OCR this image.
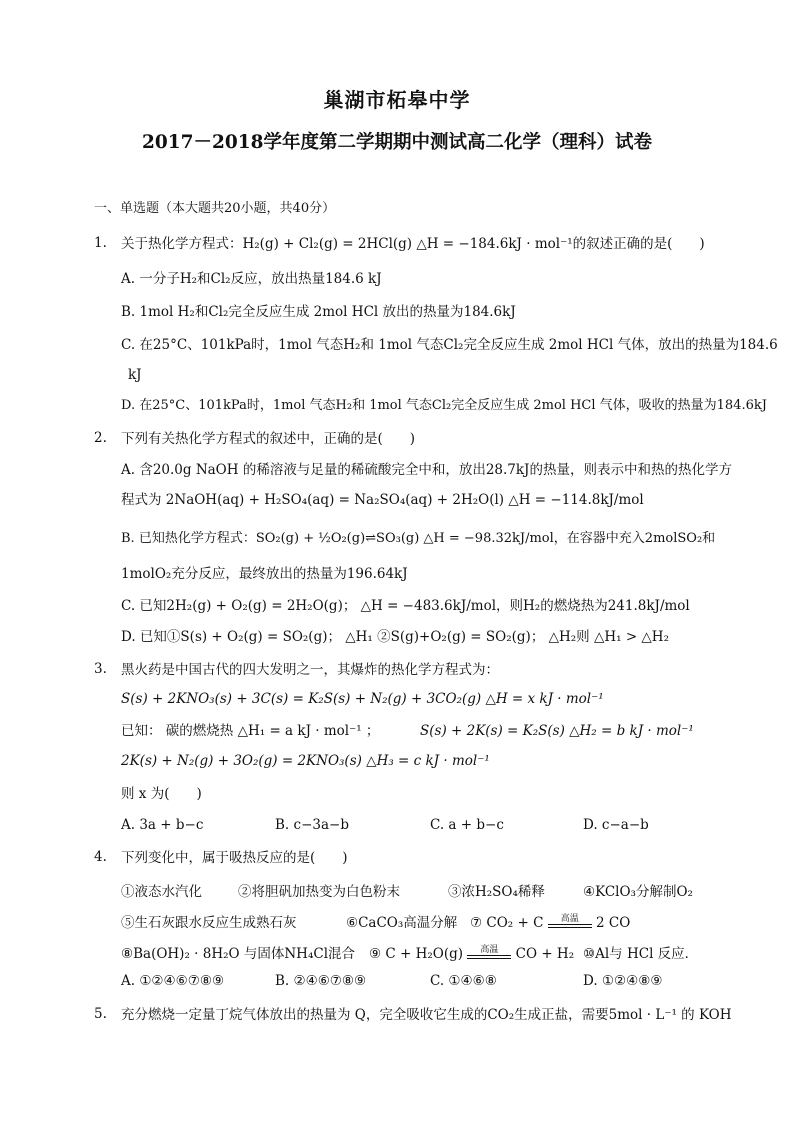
巢湖市柘皋中学
2017－2018学年度第二学期期中测试高二化学（理科）试卷
一、单选题（本大题共20小题，共40分）
1. 关于热化学方程式：H₂(g) + Cl₂(g) = 2HCl(g) △H = −184.6kJ · mol⁻¹的叙述正确的是(　　)
A. 一分子H₂和Cl₂反应，放出热量184.6 kJ
B. 1mol H₂和Cl₂完全反应生成 2mol HCl 放出的热量为184.6kJ
C. 在25°C、101kPa时，1mol 气态H₂和 1mol 气态Cl₂完全反应生成 2mol HCl 气体，放出的热量为184.6
kJ
D. 在25°C、101kPa时，1mol 气态H₂和 1mol 气态Cl₂完全反应生成 2mol HCl 气体，吸收的热量为184.6kJ
2. 下列有关热化学方程式的叙述中，正确的是(　　)
A. 含20.0g NaOH 的稀溶液与足量的稀硫酸完全中和，放出28.7kJ的热量，则表示中和热的热化学方
程式为 2NaOH(aq) + H₂SO₄(aq) = Na₂SO₄(aq) + 2H₂O(l) △H = −114.8kJ/mol
B. 已知热化学方程式：SO₂(g) + ½O₂(g)⇌SO₃(g) △H = −98.32kJ/mol，在容器中充入2molSO₂和
1molO₂充分反应，最终放出的热量为196.64kJ
C. 已知2H₂(g) + O₂(g) = 2H₂O(g)； △H = −483.6kJ/mol，则H₂的燃烧热为241.8kJ/mol
D. 已知①S(s) + O₂(g) = SO₂(g)； △H₁ ②S(g)+O₂(g) = SO₂(g)； △H₂则 △H₁ > △H₂
3. 黑火药是中国古代的四大发明之一，其爆炸的热化学方程式为：
S(s) + 2KNO₃(s) + 3C(s) = K₂S(s) + N₂(g) + 3CO₂(g) △H = x kJ · mol⁻¹
已知： 碳的燃烧热 △H₁ = a kJ · mol⁻¹ ；	S(s) + 2K(s) = K₂S(s) △H₂ = b kJ · mol⁻¹
2K(s) + N₂(g) + 3O₂(g) = 2KNO₃(s) △H₃ = c kJ · mol⁻¹
则 x 为(　　)
A. 3a + b−c	B. c−3a−b	C. a + b−c	D. c−a−b
4. 下列变化中，属于吸热反应的是(　　)
①液态水汽化	②将胆矾加热变为白色粉末	③浓H₂SO₄稀释	④KClO₃分解制O₂
⑤生石灰跟水反应生成熟石灰	⑥CaCO₃高温分解 ⑦ CO₂ + C 高温 2 CO
⑧Ba(OH)₂ · 8H₂O 与固体NH₄Cl混合 ⑨ C + H₂O(g) 高温 CO + H₂ ⑩Al与 HCl 反应．
A. ①②④⑥⑦⑧⑨	B. ②④⑥⑦⑧⑨	C. ①④⑥⑧	D. ①②④⑧⑨
5. 充分燃烧一定量丁烷气体放出的热量为 Q，完全吸收它生成的CO₂生成正盐，需要5mol · L⁻¹ 的 KOH
